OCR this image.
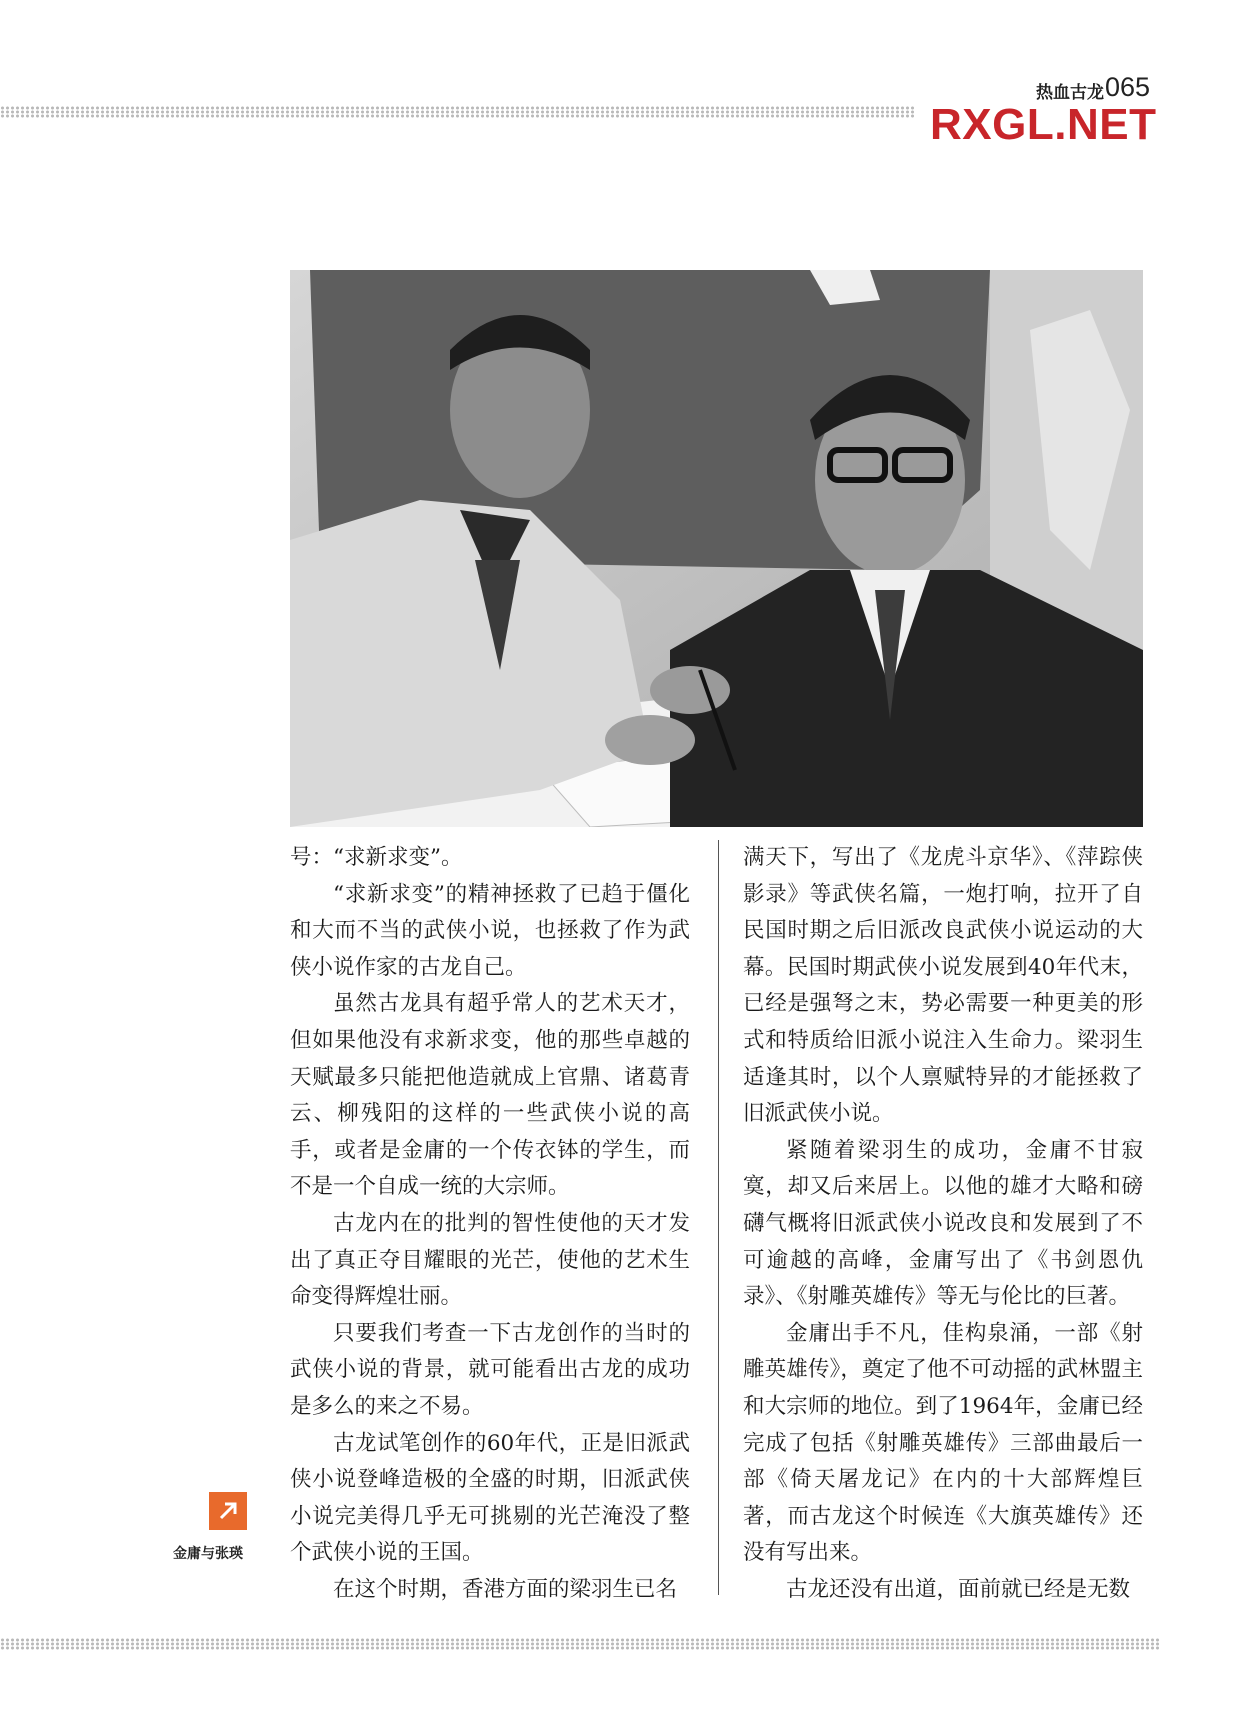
热血古龙 065
RXGL.NET

号：“求新求变”。

“求新求变”的精神拯救了已趋于僵化和大而不当的武侠小说，也拯救了作为武侠小说作家的古龙自己。

虽然古龙具有超乎常人的艺术天才，但如果他没有求新求变，他的那些卓越的天赋最多只能把他造就成上官鼎、诸葛青云、柳残阳的这样的一些武侠小说的高手，或者是金庸的一个传衣钵的学生，而不是一个自成一统的大宗师。

古龙内在的批判的智性使他的天才发出了真正夺目耀眼的光芒，使他的艺术生命变得辉煌壮丽。

只要我们考查一下古龙创作的当时的武侠小说的背景，就可能看出古龙的成功是多么的来之不易。

古龙试笔创作的60年代，正是旧派武侠小说登峰造极的全盛的时期，旧派武侠小说完美得几乎无可挑剔的光芒淹没了整个武侠小说的王国。

在这个时期，香港方面的梁羽生已名

满天下，写出了《龙虎斗京华》、《萍踪侠影录》等武侠名篇，一炮打响，拉开了自民国时期之后旧派改良武侠小说运动的大幕。民国时期武侠小说发展到40年代末，已经是强弩之末，势必需要一种更美的形式和特质给旧派小说注入生命力。梁羽生适逢其时，以个人禀赋特异的才能拯救了旧派武侠小说。

紧随着梁羽生的成功，金庸不甘寂寞，却又后来居上。以他的雄才大略和磅礴气概将旧派武侠小说改良和发展到了不可逾越的高峰，金庸写出了《书剑恩仇录》、《射雕英雄传》等无与伦比的巨著。

金庸出手不凡，佳构泉涌，一部《射雕英雄传》，奠定了他不可动摇的武林盟主和大宗师的地位。到了1964年，金庸已经完成了包括《射雕英雄传》三部曲最后一部《倚天屠龙记》在内的十大部辉煌巨著，而古龙这个时候连《大旗英雄传》还没有写出来。

古龙还没有出道，面前就已经是无数

金庸与张瑛
